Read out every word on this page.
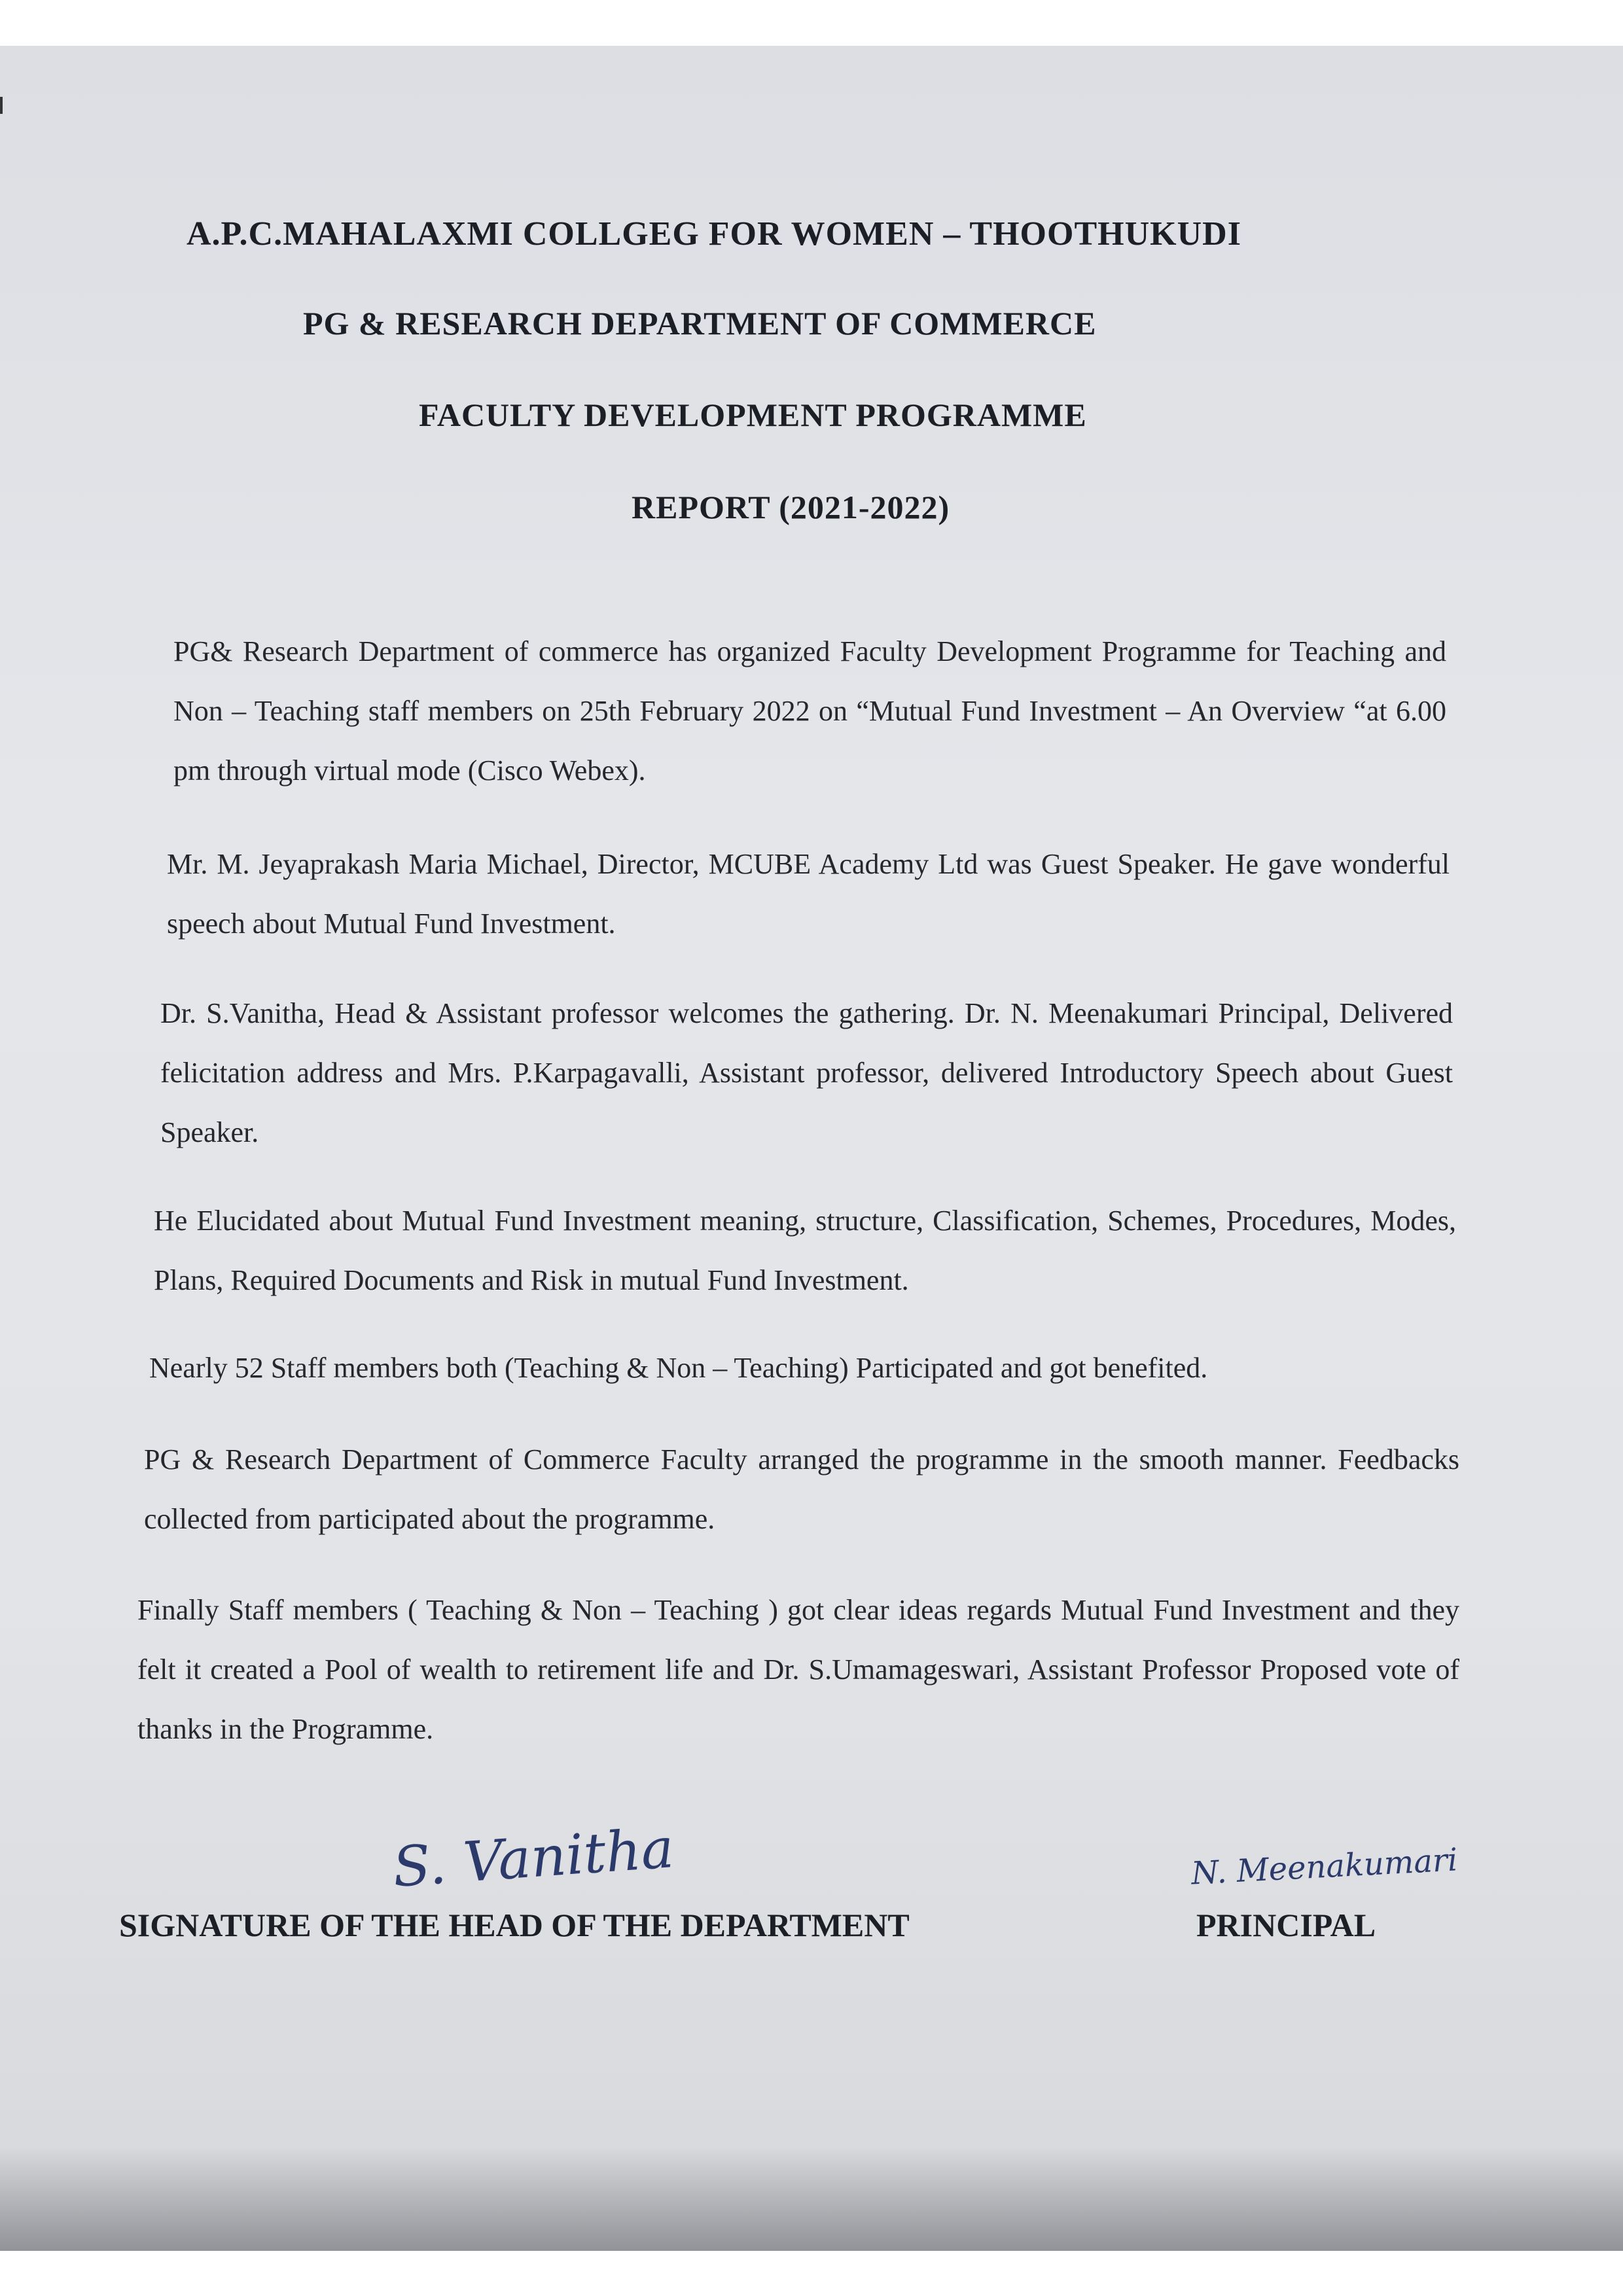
A.P.C.MAHALAXMI COLLGEG FOR WOMEN – THOOTHUKUDI
PG & RESEARCH DEPARTMENT OF COMMERCE
FACULTY DEVELOPMENT PROGRAMME
REPORT (2021-2022)

PG& Research Department of commerce has organized Faculty Development Programme for Teaching and Non – Teaching staff members on 25th February 2022 on “Mutual Fund Investment – An Overview “at 6.00 pm through virtual mode (Cisco Webex).

Mr. M. Jeyaprakash Maria Michael, Director, MCUBE Academy Ltd was Guest Speaker. He gave wonderful speech about Mutual Fund Investment.

Dr. S.Vanitha, Head & Assistant professor welcomes the gathering. Dr. N. Meenakumari Principal, Delivered felicitation address and Mrs. P.Karpagavalli, Assistant professor, delivered Introductory Speech about Guest Speaker.

He Elucidated about Mutual Fund Investment meaning, structure, Classification, Schemes, Procedures, Modes, Plans, Required Documents and Risk in mutual Fund Investment.

Nearly 52 Staff members both (Teaching & Non – Teaching) Participated and got benefited.

PG & Research Department of Commerce Faculty arranged the programme in the smooth manner. Feedbacks collected from participated about the programme.

Finally Staff members ( Teaching & Non – Teaching ) got clear ideas regards Mutual Fund Investment and they felt it created a Pool of wealth to retirement life and Dr. S.Umamageswari, Assistant Professor Proposed vote of thanks in the Programme.

S. Vanitha
SIGNATURE OF THE HEAD OF THE DEPARTMENT
N. Meenakumari
PRINCIPAL
